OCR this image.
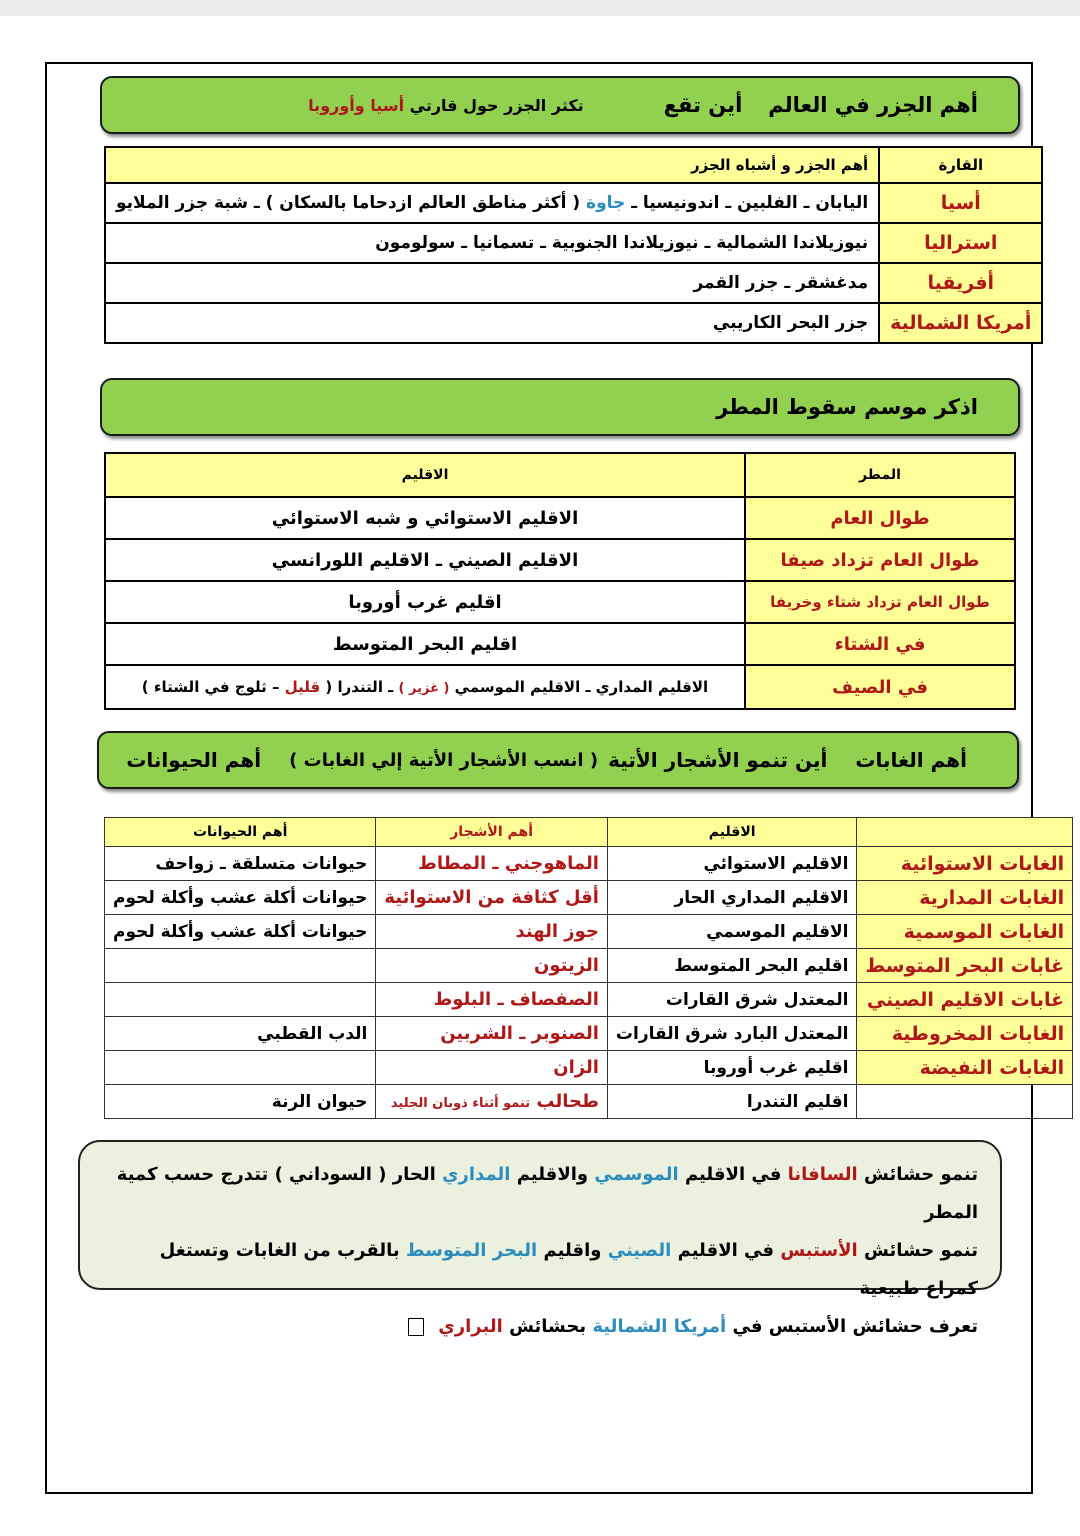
أهم الجزر في العالم
أين تقع
تكثر الجزر حول قارتي أسيا وأوروبا
القارة	أهم الجزر و أشباه الجزر
أسيا	اليابان ـ الفلبين ـ اندونيسيا ـ جاوة ( أكثر مناطق العالم ازدحاما بالسكان ) ـ شبة جزر الملايو
استراليا	نيوزيلاندا الشمالية ـ نيوزيلاندا الجنوبية ـ تسمانيا ـ سولومون
أفريقيا	مدغشقر ـ جزر القمر
أمريكا الشمالية	جزر البحر الكاريبي
اذكر موسم سقوط المطر
المطر	الاقليم
طوال العام	الاقليم الاستوائي و شبه الاستوائي
طوال العام تزداد صيفا	الاقليم الصيني ـ الاقليم اللورانسي
طوال العام تزداد شتاء وخريفا	اقليم غرب أوروبا
في الشتاء	اقليم البحر المتوسط
في الصيف	الاقليم المداري ـ الاقليم الموسمي ( غزير ) ـ التندرا ( قليل – ثلوج في الشتاء )
أهم الغابات
أين تنمو الأشجار الأتية
( انسب الأشجار الأتية إلي الغابات )
أهم الحيوانات
	الاقليم	أهم الأشجار	أهم الحيوانات
الغابات الاستوائية	الاقليم الاستوائي	الماهوجني ـ المطاط	حيوانات متسلقة ـ زواحف
الغابات المدارية	الاقليم المداري الحار	أقل كثافة من الاستوائية	حيوانات أكلة عشب وأكلة لحوم
الغابات الموسمية	الاقليم الموسمي	جوز الهند	حيوانات أكلة عشب وأكلة لحوم
غابات البحر المتوسط	اقليم البحر المتوسط	الزيتون	
غابات الاقليم الصيني	المعتدل شرق القارات	الصفصاف ـ البلوط	
الغابات المخروطية	المعتدل البارد شرق القارات	الصنوبر ـ الشربين	الدب القطبي
الغابات النفيضة	اقليم غرب أوروبا	الزان	
	اقليم التندرا	طحالب تنمو أثناء ذوبان الجليد	حيوان الرنة
تنمو حشائش السافانا في الاقليم الموسمي والاقليم المداري الحار ( السوداني ) تتدرج حسب كمية المطر
تنمو حشائش الأستبس في الاقليم الصيني واقليم البحر المتوسط بالقرب من الغابات وتستغل كمراع طبيعية
تعرف حشائش الأستبس في أمريكا الشمالية بحشائش البراري
